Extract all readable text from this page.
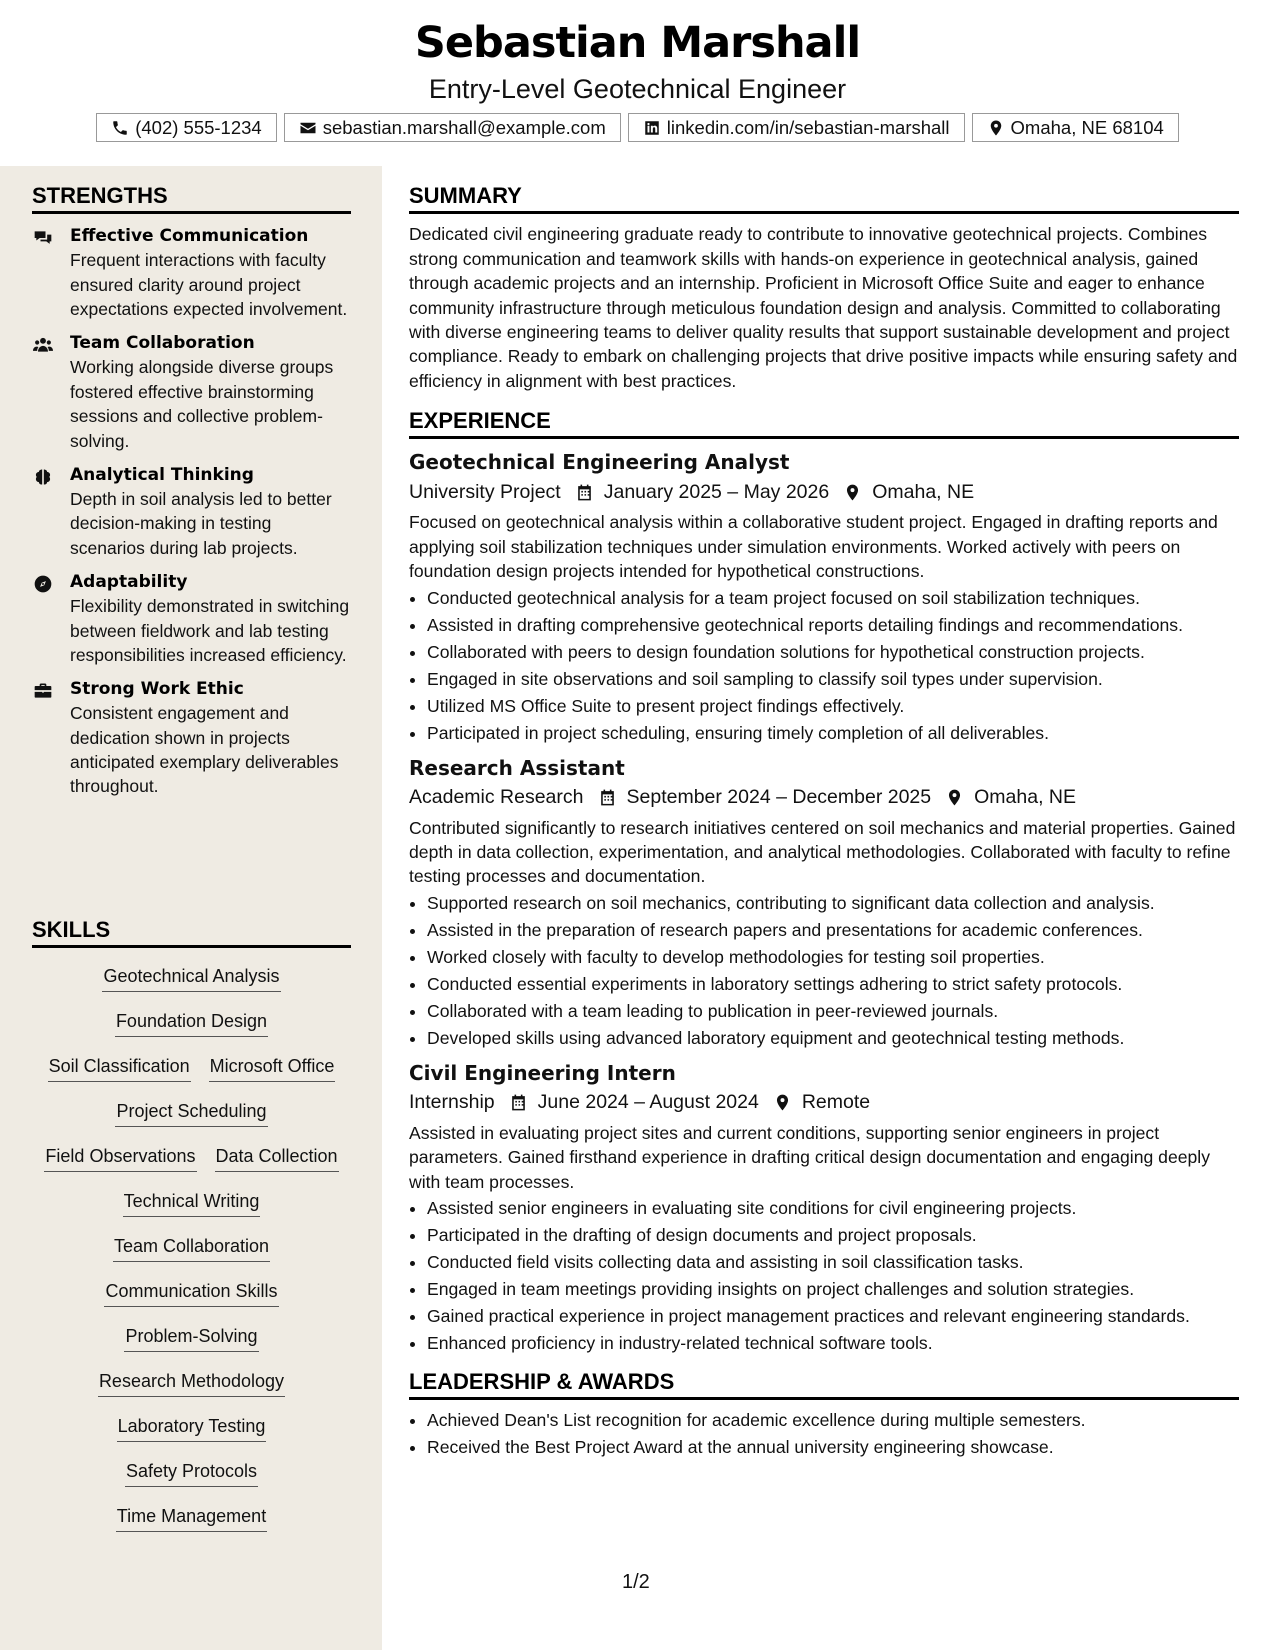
Sebastian Marshall
Entry-Level Geotechnical Engineer
(402) 555-1234	sebastian.marshall@example.com	linkedin.com/in/sebastian-marshall	Omaha, NE 68104
STRENGTHS
Effective Communication
Frequent interactions with faculty ensured clarity around project expectations expected involvement.
Team Collaboration
Working alongside diverse groups fostered effective brainstorming sessions and collective problem-solving.
Analytical Thinking
Depth in soil analysis led to better decision-making in testing scenarios during lab projects.
Adaptability
Flexibility demonstrated in switching between fieldwork and lab testing responsibilities increased efficiency.
Strong Work Ethic
Consistent engagement and dedication shown in projects anticipated exemplary deliverables throughout.
SKILLS
Geotechnical Analysis
Foundation Design
Soil Classification Microsoft Office
Project Scheduling
Field Observations Data Collection
Technical Writing
Team Collaboration
Communication Skills
Problem-Solving
Research Methodology
Laboratory Testing
Safety Protocols
Time Management
SUMMARY
Dedicated civil engineering graduate ready to contribute to innovative geotechnical projects. Combines strong communication and teamwork skills with hands-on experience in geotechnical analysis, gained through academic projects and an internship. Proficient in Microsoft Office Suite and eager to enhance community infrastructure through meticulous foundation design and analysis. Committed to collaborating with diverse engineering teams to deliver quality results that support sustainable development and project compliance. Ready to embark on challenging projects that drive positive impacts while ensuring safety and efficiency in alignment with best practices.
EXPERIENCE
Geotechnical Engineering Analyst
University Project January 2025 – May 2026 Omaha, NE
Focused on geotechnical analysis within a collaborative student project. Engaged in drafting reports and applying soil stabilization techniques under simulation environments. Worked actively with peers on foundation design projects intended for hypothetical constructions.
• Conducted geotechnical analysis for a team project focused on soil stabilization techniques.
• Assisted in drafting comprehensive geotechnical reports detailing findings and recommendations.
• Collaborated with peers to design foundation solutions for hypothetical construction projects.
• Engaged in site observations and soil sampling to classify soil types under supervision.
• Utilized MS Office Suite to present project findings effectively.
• Participated in project scheduling, ensuring timely completion of all deliverables.
Research Assistant
Academic Research September 2024 – December 2025 Omaha, NE
Contributed significantly to research initiatives centered on soil mechanics and material properties. Gained depth in data collection, experimentation, and analytical methodologies. Collaborated with faculty to refine testing processes and documentation.
• Supported research on soil mechanics, contributing to significant data collection and analysis.
• Assisted in the preparation of research papers and presentations for academic conferences.
• Worked closely with faculty to develop methodologies for testing soil properties.
• Conducted essential experiments in laboratory settings adhering to strict safety protocols.
• Collaborated with a team leading to publication in peer-reviewed journals.
• Developed skills using advanced laboratory equipment and geotechnical testing methods.
Civil Engineering Intern
Internship June 2024 – August 2024 Remote
Assisted in evaluating project sites and current conditions, supporting senior engineers in project parameters. Gained firsthand experience in drafting critical design documentation and engaging deeply with team processes.
• Assisted senior engineers in evaluating site conditions for civil engineering projects.
• Participated in the drafting of design documents and project proposals.
• Conducted field visits collecting data and assisting in soil classification tasks.
• Engaged in team meetings providing insights on project challenges and solution strategies.
• Gained practical experience in project management practices and relevant engineering standards.
• Enhanced proficiency in industry-related technical software tools.
LEADERSHIP & AWARDS
• Achieved Dean's List recognition for academic excellence during multiple semesters.
• Received the Best Project Award at the annual university engineering showcase.
1/2
